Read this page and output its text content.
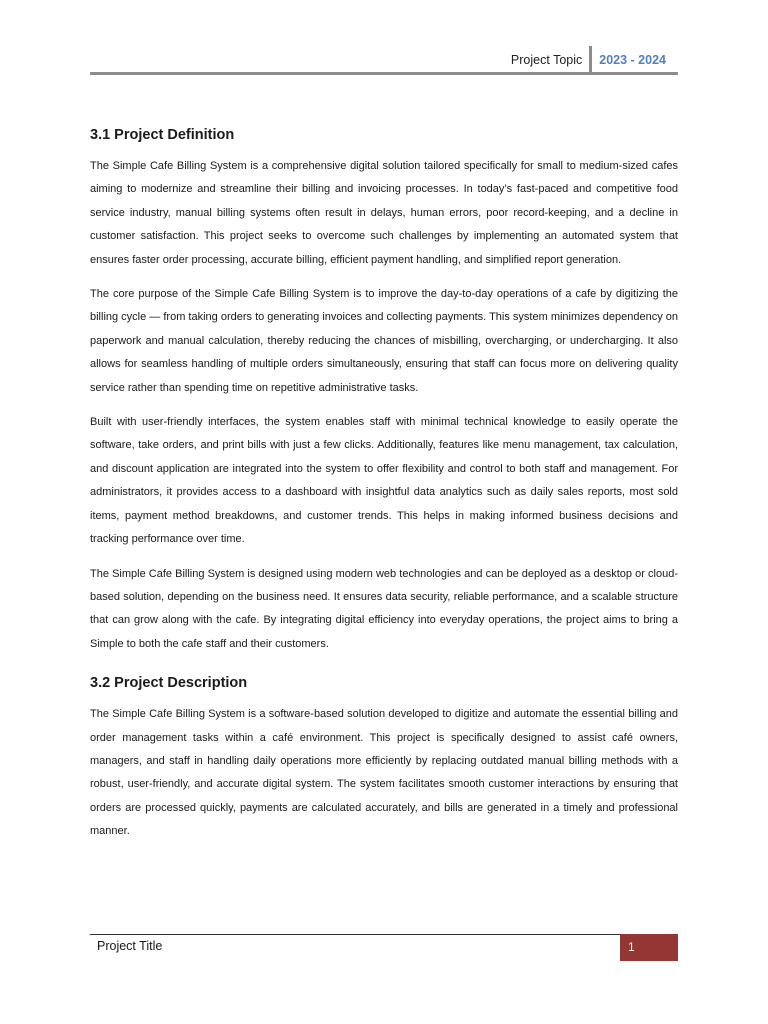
Project Topic	2023 - 2024
3.1 Project Definition

The Simple Cafe Billing System is a comprehensive digital solution tailored specifically for small to medium-sized cafes aiming to modernize and streamline their billing and invoicing processes. In today’s fast-paced and competitive food service industry, manual billing systems often result in delays, human errors, poor record-keeping, and a decline in customer satisfaction. This project seeks to overcome such challenges by implementing an automated system that ensures faster order processing, accurate billing, efficient payment handling, and simplified report generation.

The core purpose of the Simple Cafe Billing System is to improve the day-to-day operations of a cafe by digitizing the billing cycle — from taking orders to generating invoices and collecting payments. This system minimizes dependency on paperwork and manual calculation, thereby reducing the chances of misbilling, overcharging, or undercharging. It also allows for seamless handling of multiple orders simultaneously, ensuring that staff can focus more on delivering quality service rather than spending time on repetitive administrative tasks.

Built with user-friendly interfaces, the system enables staff with minimal technical knowledge to easily operate the software, take orders, and print bills with just a few clicks. Additionally, features like menu management, tax calculation, and discount application are integrated into the system to offer flexibility and control to both staff and management. For administrators, it provides access to a dashboard with insightful data analytics such as daily sales reports, most sold items, payment method breakdowns, and customer trends. This helps in making informed business decisions and tracking performance over time.

The Simple Cafe Billing System is designed using modern web technologies and can be deployed as a desktop or cloud-based solution, depending on the business need. It ensures data security, reliable performance, and a scalable structure that can grow along with the cafe. By integrating digital efficiency into everyday operations, the project aims to bring a Simple to both the cafe staff and their customers.

3.2 Project Description

The Simple Cafe Billing System is a software-based solution developed to digitize and automate the essential billing and order management tasks within a café environment. This project is specifically designed to assist café owners, managers, and staff in handling daily operations more efficiently by replacing outdated manual billing methods with a robust, user-friendly, and accurate digital system. The system facilitates smooth customer interactions by ensuring that orders are processed quickly, payments are calculated accurately, and bills are generated in a timely and professional manner.

Project Title	1
